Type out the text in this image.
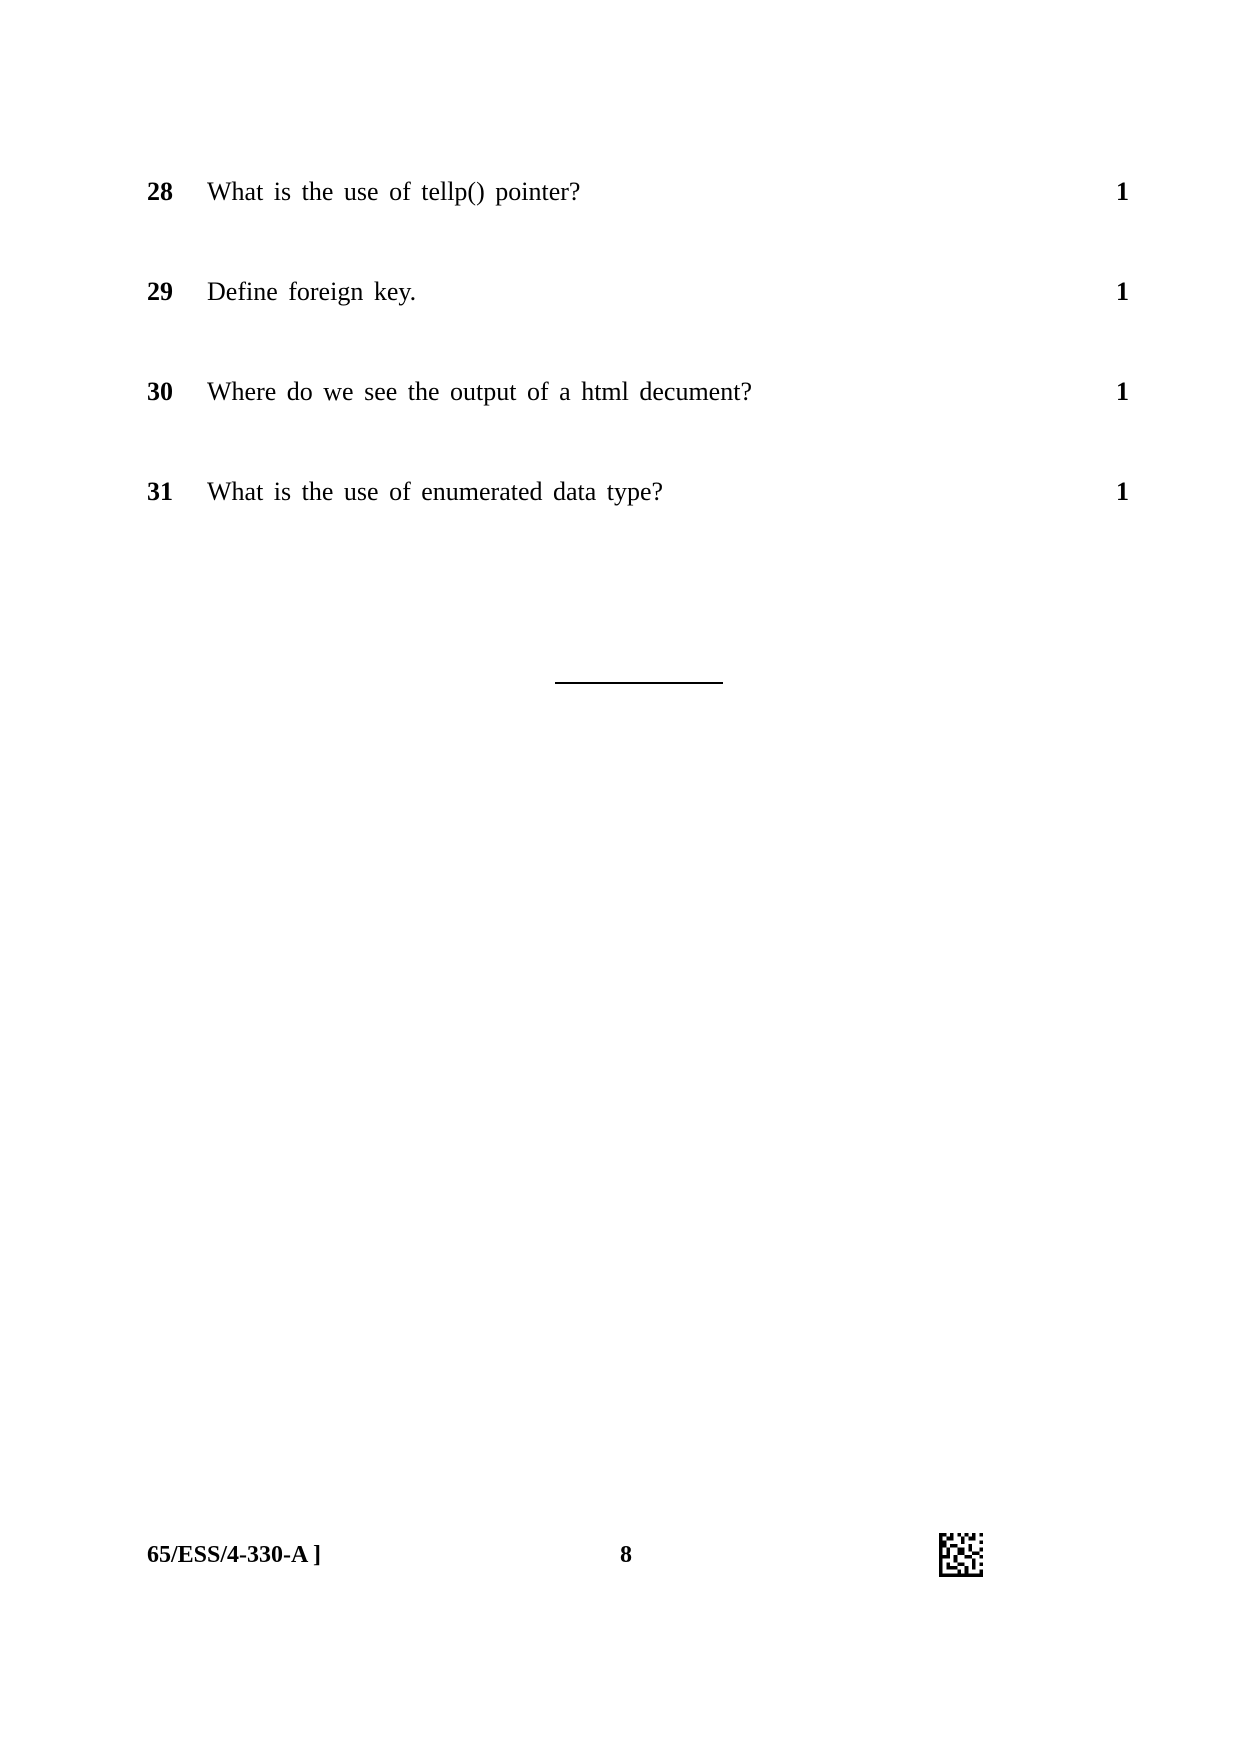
28 What is the use of tellp() pointer?	1
29 Define foreign key.	1
30 Where do we see the output of a html decument?	1
31 What is the use of enumerated data type?	1
65/ESS/4-330-A ]	8
